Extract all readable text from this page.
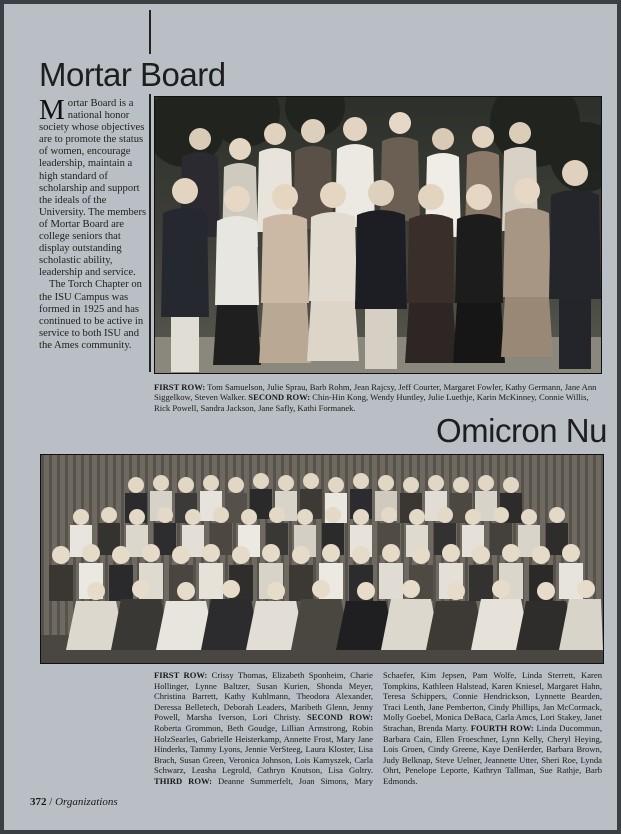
Mortar Board
M ortar Board is a national honor society whose objectives are to promote the status of women, encourage leadership, maintain a high standard of scholarship and support the ideals of the University. The members of Mortar Board are college seniors that display outstanding scholastic ability, leadership and service.

The Torch Chapter on the ISU Campus was formed in 1925 and has continued to be active in service to both ISU and the Ames community.

FIRST ROW: Tom Samuelson, Julie Sprau, Barb Rohm, Jean Rajcsy, Jeff Courter, Margaret Fowler, Kathy Germann, Jane Ann Siggelkow, Steven Walker. SECOND ROW: Chin-Hin Kong, Wendy Huntley, Julie Luethje, Karin McKinney, Connie Willis, Rick Powell, Sandra Jackson, Jane Safly, Kathi Formanek.
Omicron Nu
FIRST ROW: Crissy Thomas, Elizabeth Sponheim, Charie Hollinger, Lynne Baltzer, Susan Kurien, Shonda Meyer, Christina Barrett, Kathy Kuhlmann, Theodora Alexander, Deressa Belletech, Deborah Leaders, Maribeth Glenn, Jenny Powell, Marsha Iverson, Lori Christy. SECOND ROW: Roberta Grommon, Beth Goudge, Lillian Armstrong, Robin HolzSearles, Gabrielle Heisterkamp, Annette Frost, Mary Jane Hinderks, Tammy Lyons, Jennie VerSteeg, Laura Kloster, Lisa Brach, Susan Green, Veronica Johnson, Lois Kamyszek, Carla Schwarz, Leasha Legrold, Cathryn Knutson, Lisa Goltry. THIRD ROW: Deanne Summerfelt, Joan Simons, Mary Schaefer, Kim Jepsen, Pam Wolfe, Linda Sterrett, Karen Tompkins, Kathleen Halstead, Karen Kniesel, Margaret Hahn, Teresa Schippers, Connie Hendrickson, Lynnette Bearden, Traci Lenth, Jane Pemberton, Cindy Phillips, Jan McCormack, Molly Goebel, Monica DeBaca, Carla Amcs, Lori Stakey, Janet Strachan, Brenda Marty. FOURTH ROW: Linda Ducommun, Barbara Cain, Ellen Froeschner, Lynn Kelly, Cheryl Heying, Lois Groen, Cindy Greene, Kaye DenHerder, Barbara Brown, Judy Belknap, Steve Uelner, Jeannette Utter, Sheri Roe, Lynda Ohrt, Penelope Leporte, Kathryn Tallman, Sue Rathje, Barb Edmonds.
372 / Organizations
